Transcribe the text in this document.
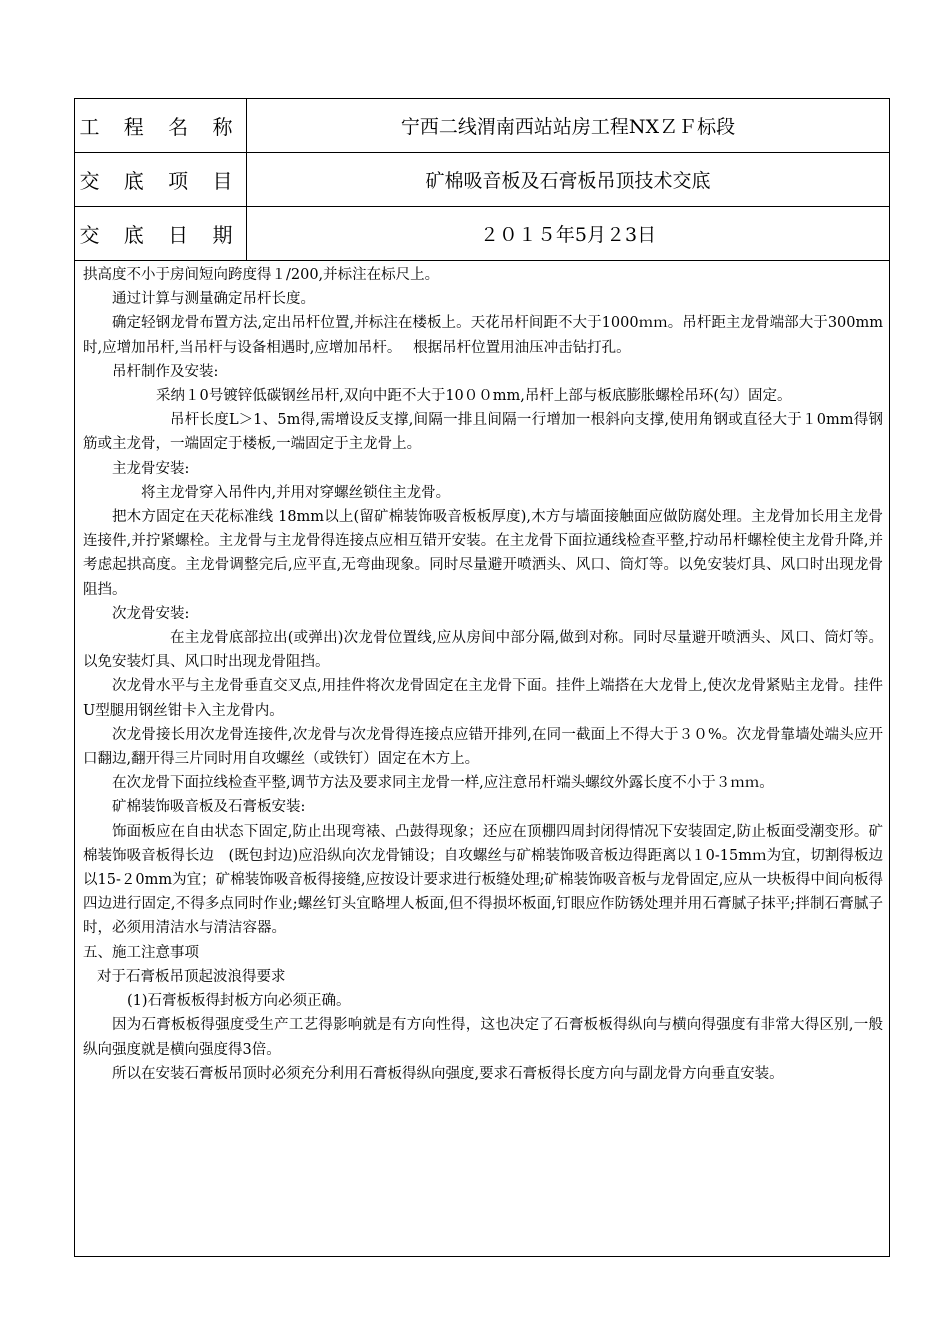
工 程 名 称	宁西二线渭南西站站房工程NXＺＦ标段
交 底 项 目	矿棉吸音板及石膏板吊顶技术交底
交 底 日 期	２０１５年5月２3日

拱高度不小于房间短向跨度得１/200,并标注在标尺上。

通过计算与测量确定吊杆长度。

确定轻钢龙骨布置方法,定出吊杆位置,并标注在楼板上。天花吊杆间距不大于1000ｍｍ。吊杆距主龙骨端部大于300mm时,应增加吊杆,当吊杆与设备相遇时,应增加吊杆。　 根据吊杆位置用油压冲击钻打孔。

吊杆制作及安装:

采纳１0号镀锌低碳钢丝吊杆,双向中距不大于10００mm,吊杆上部与板底膨胀螺栓吊环(勾）固定。

吊杆长度L＞1、5m得,需增设反支撑,间隔一排且间隔一行增加一根斜向支撑,使用角钢或直径大于１0mm得钢筋或主龙骨，一端固定于楼板,一端固定于主龙骨上。

主龙骨安装:

将主龙骨穿入吊件内,并用对穿螺丝锁住主龙骨。

把木方固定在天花标准线 18mm以上(留矿棉装饰吸音板板厚度),木方与墙面接触面应做防腐处理。主龙骨加长用主龙骨连接件,并拧紧螺栓。主龙骨与主龙骨得连接点应相互错开安装。在主龙骨下面拉通线检查平整,拧动吊杆螺栓使主龙骨升降,并考虑起拱高度。主龙骨调整完后,应平直,无弯曲现象。同时尽量避开喷洒头、风口、筒灯等。以免安装灯具、风口时出现龙骨阻挡。

次龙骨安装:

在主龙骨底部拉出(或弹出)次龙骨位置线,应从房间中部分隔,做到对称。同时尽量避开喷洒头、风口、筒灯等。以免安装灯具、风口时出现龙骨阻挡。

次龙骨水平与主龙骨垂直交叉点,用挂件将次龙骨固定在主龙骨下面。挂件上端搭在大龙骨上,使次龙骨紧贴主龙骨。挂件U型腿用钢丝钳卡入主龙骨内。

次龙骨接长用次龙骨连接件,次龙骨与次龙骨得连接点应错开排列,在同一截面上不得大于３０%。次龙骨靠墙处端头应开口翻边,翻开得三片同时用自攻螺丝（或铁钉）固定在木方上。

在次龙骨下面拉线检查平整,调节方法及要求同主龙骨一样,应注意吊杆端头螺纹外露长度不小于３ｍｍ。

矿棉装饰吸音板及石膏板安装:

饰面板应在自由状态下固定,防止出现弯裱、凸鼓得现象；还应在顶棚四周封闭得情况下安装固定,防止板面受潮变形。矿棉装饰吸音板得长边　(既包封边)应沿纵向次龙骨铺设；自攻螺丝与矿棉装饰吸音板边得距离以１0-15mｍ为宜，切割得板边以15-２0mm为宜；矿棉装饰吸音板得接缝,应按设计要求进行板缝处理;矿棉装饰吸音板与龙骨固定,应从一块板得中间向板得四边进行固定,不得多点同时作业;螺丝钉头宜略埋人板面,但不得损坏板面,钉眼应作防锈处理并用石膏腻子抹平;拌制石膏腻子时，必须用清洁水与清洁容器。

五、施工注意事项

对于石膏板吊顶起波浪得要求

(1)石膏板板得封板方向必须正确。

因为石膏板板得强度受生产工艺得影响就是有方向性得，这也决定了石膏板板得纵向与横向得强度有非常大得区别,一般纵向强度就是横向强度得3倍。

所以在安装石膏板吊顶时必须充分利用石膏板得纵向强度,要求石膏板得长度方向与副龙骨方向垂直安装。
